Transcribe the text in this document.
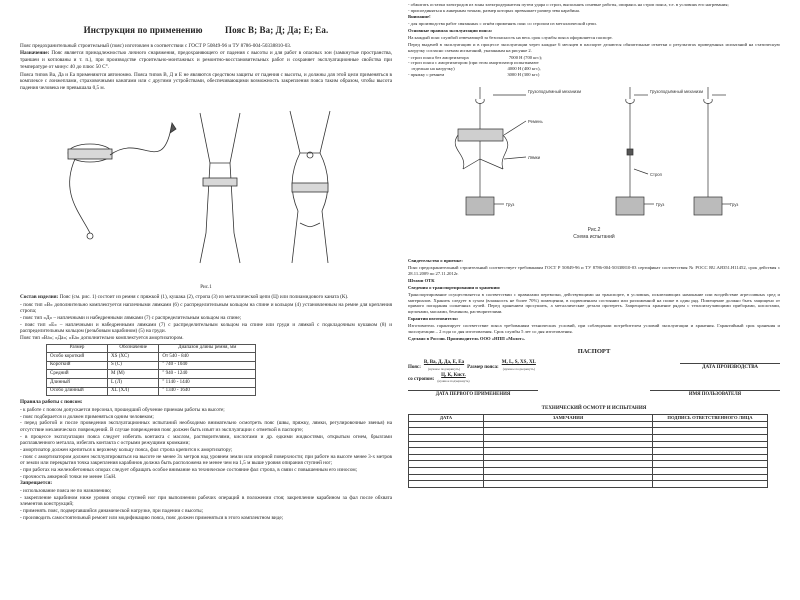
Инструкция по применению Пояс В; Ва; Д; Да; Е; Еа.

Пояс предохранительный строительный (пояс) изготовлен в соответствии с ГОСТ Р 50849-96 и ТУ 8786-004-50338810-03.

Назначение: Пояс является принадлежностью личного снаряжения, предохраняющего от падения с высоты и для работ в опасных зон (замкнутые пространства, траншеи и котлованы и т. п.), при производстве строительно-монтажных и ремонтно-восстановительных работ и сохраняет эксплуатационные свойства при температуре от минус 40 до плюс 50 С°.

Пояса типов Ва, Да и Еа применяются автономно. Пояса типов В, Д и Е не являются средством защиты от падения с высоты, и должны для этой цели применяться в комплексе с лонжеплами, страховочными канатами или с другими устройствами, обеспечивающими возможность закрепления пояса таким образом, чтобы высота падения человека не превышала 0,5 м.

Рис.1

Состав изделия: Пояс (см. рис. 1) состоит из ремня с пряжкой (1), кушака (2), стропа (3) из металлической цепи (Ц) или полиамидового каната (К).

- пояс тип «В» дополнительно комплектуется наплечными лямками (6) с распределительным кольцом на спине и кольцом (4) установленным на ремне для крепления стропа;

- пояс тип «Д» – наплечными и набедренными лямками (7) с распределительным кольцом на спине;

- пояс тип «Е» – наплечными и набедренными лямками (7) с распределительным кольцом на спине или груди и лямкой с подкладочным кушаком (8) и распределительным кольцом (резьбовым карабином) (5) на груди.

Пояс тип «Ва»; «Да»; «Еа» дополнительно комплектуется амортизатором.

Размер	Обозначение	Диапазон длины ремня, мм
Особо короткий	XS (XC)	От 540 - 840
Короткий	S (С)	" 740 - 1040
Средний	M (М)	" 940 - 1240
Длинный	L (Л)	" 1140 - 1440
Особо длинный	XL (XЛ)	" 1340 - 1640

Правила работы с поясом:

- к работе с поясом допускается персонал, прошедший обучение приемам работы на высоте;

- пояс подбирается и должен применяться одним человеком;

- перед работой и после проведения эксплуатационных испытаний необходимо внимательно осмотреть пояс (швы, пряжку, лямки, регулировочные звенья) на отсутствие механических повреждений. В случае повреждения пояс должен быть изъят из эксплуатации с отметкой в паспорте;

- в процессе эксплуатации пояса следует избегать контакта с маслом, растворителями, кислотами и др. едкими жидкостями, открытым огнем, брызгами расплавленного металла, избегать контакта с острыми режущими кромками;

- амортизатор должен крепиться к верхнему кольцу пояса, фал стропа крепится к амортизатору;

- пояс с амортизатором должен эксплуатироваться на высоте не менее 3х метров над уровнем земли или опорной поверхности; при работе на высоте менее 3-х метров от земли или перекрытия точка закрепления карабинов должна быть расположена не менее чем на 1,5 м выше уровня опирания ступней ног;

- при работах на железобетонных опорах следует обращать особое внимание на техническое состояние фал стропа, в связи с повышенным его износом;

- прочность анкерной точки не менее 15кН.

Запрещается:

- использование пояса не по назначению;

- закрепление карабином ниже уровня опоры ступней ног при выполнении рабочих операций в положении стоя; закрепление карабином за фал после обхвата элементов конструкций;

- применять пояс, подвергавшийся динамической нагрузке, при падении с высоты;

- производить самостоятельный ремонт или модификацию пояса, пояс должен применяться в этого комплектном виде;

- обжигать остатки электродов из зоны электродержателя путем удара о строп, выполнять огневые работы, опираясь на строп пояса, т.е. в условиях его нагревания;

- присоединяться к анкерным точкам, размер которых превышает размер зева карабина.

Внимание!

- для производства работ связанных с огнём применять пояс со стропом из металлической цепи.

Основные правила эксплуатации пояса:

На каждый пояс службой отвечающей за безопасность на весь срок службы пояса оформляется паспорт.

Перед выдачей в эксплуатацию и в процессе эксплуатации через каждые 6 месяцев в паспорте делаются обязательные отметки о результатах проведенных испытаний на статическую нагрузку согласно схемам испытаний, указанным на рисунке 2.

- строп пояса без амортизатора                                   7000 Н (700 кгс);

- строп пояса с амортизатором (при этом амортизатор испытывают

отдельно на нагрузку)                                              4000 Н (400 кгс),

- пряжку с ремнем                                                       3000 Н (300 кгс)

Грузоподъёмный механизм
Ремень
Лямки
Грузоподъёмный механизм
Строп
Груз	Груз	Груз
Рис.2
Схема испытаний

Свидетельство о приемке:

Пояс предохранительный строительный соответствует требованиям ГОСТ Р 50849-96 и ТУ 8786-004-50338810-03 сертификат соответствия № РОСС RU.АЯ351.Н11452, срок действия с 28.11.2009 по 27.11.2012г.

Штамп ОТК

Сведения о транспортировании и хранении:

Транспортирование осуществляется в соответствии с правилами перевозки, действующими на транспорте, в условиях, исключающих намокание или воздействие агрессивных сред и материалов. Хранить следует в сухом (влажность не более 70%) помещении, в подвешенном состоянии или разложенной на полке в один ряд. Помещение должно быть защищено от прямого попадания солнечных лучей. Перед хранением просушить, а металлические детали протереть. Запрещается хранение рядом с теплоизлучающими приборами, кислотами, щелочами, маслами, бензином, растворителями.

Гарантии изготовителя:

Изготовитель гарантирует соответствие пояса требованиям технических условий, при соблюдении потребителем условий эксплуатации и хранения. Гарантийный срок хранения и эксплуатации – 2 года со дня изготовления. Срок службы 5 лет со дня изготовления.

Сделано в России. Производитель ООО «НПП «Молот».

ПАСПОРТ
Пояс:
В, Ва, Д, Да, Е, Еа
(нужное подчеркнуть) Размер пояса:
М, L, S, XS, XL
(нужное подчеркнуть)	ДАТА ПРОИЗВОДСТВА
со стропом:
Ц, К, Кист.
(нужное подчеркнуть)
ДАТА ПЕРВОГО ПРИМЕНЕНИЯ	ИМЯ ПОЛЬЗОВАТЕЛЯ
ТЕХНИЧЕСКИЙ ОСМОТР И ИСПЫТАНИЯ
ДАТА	ЗАМЕЧАНИЯ	ПОДПИСЬ ОТВЕТСТВЕННОГО ЛИЦА
